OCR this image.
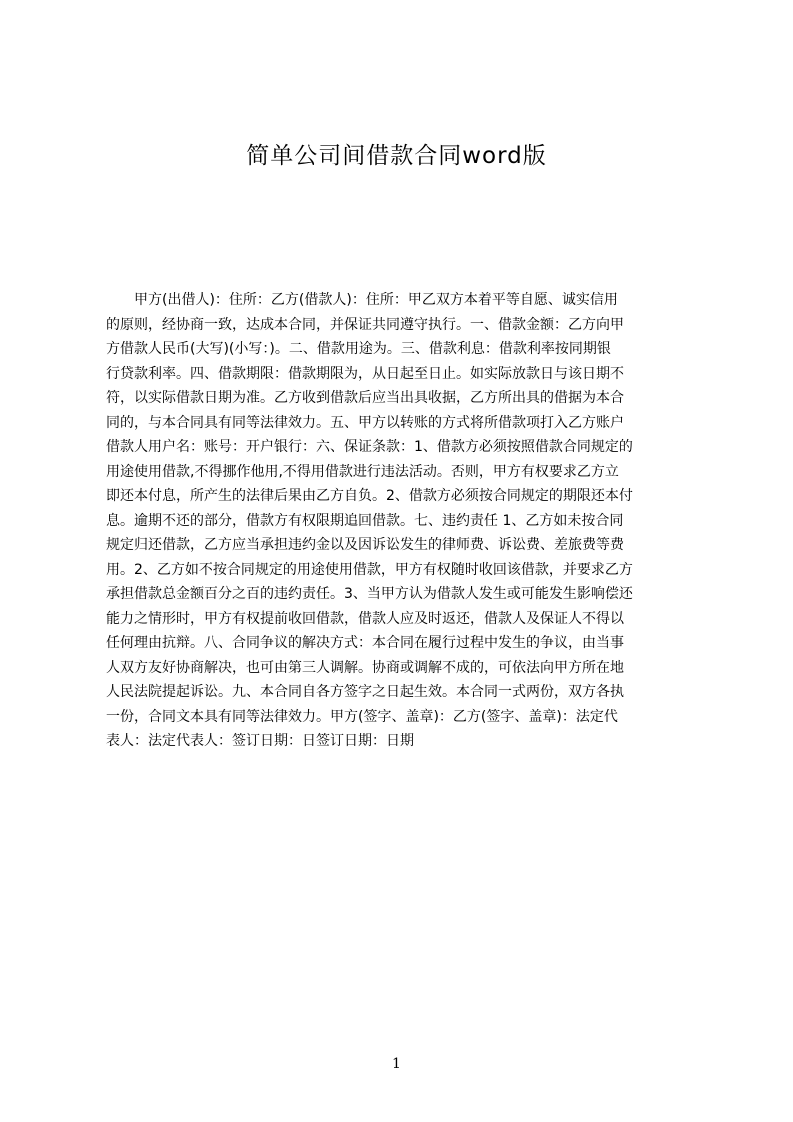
简单公司间借款合同word版
　　甲方(出借人)：住所：乙方(借款人)：住所：甲乙双方本着平等自愿、诚实信用
的原则，经协商一致，达成本合同，并保证共同遵守执行。一、借款金额：乙方向甲
方借款人民币(大写)(小写：)。二、借款用途为。三、借款利息：借款利率按同期银
行贷款利率。四、借款期限：借款期限为，从日起至日止。如实际放款日与该日期不
符，以实际借款日期为准。乙方收到借款后应当出具收据，乙方所出具的借据为本合
同的，与本合同具有同等法律效力。五、甲方以转账的方式将所借款项打入乙方账户
借款人用户名：账号：开户银行：六、保证条款：1、借款方必须按照借款合同规定的
用途使用借款,不得挪作他用,不得用借款进行违法活动。否则，甲方有权要求乙方立
即还本付息，所产生的法律后果由乙方自负。2、借款方必须按合同规定的期限还本付
息。逾期不还的部分，借款方有权限期追回借款。七、违约责任 1、乙方如未按合同
规定归还借款，乙方应当承担违约金以及因诉讼发生的律师费、诉讼费、差旅费等费
用。2、乙方如不按合同规定的用途使用借款，甲方有权随时收回该借款，并要求乙方
承担借款总金额百分之百的违约责任。3、当甲方认为借款人发生或可能发生影响偿还
能力之情形时，甲方有权提前收回借款，借款人应及时返还，借款人及保证人不得以
任何理由抗辩。八、合同争议的解决方式：本合同在履行过程中发生的争议，由当事
人双方友好协商解决，也可由第三人调解。协商或调解不成的，可依法向甲方所在地
人民法院提起诉讼。九、本合同自各方签字之日起生效。本合同一式两份，双方各执
一份，合同文本具有同等法律效力。甲方(签字、盖章)：乙方(签字、盖章)：法定代
表人：法定代表人：签订日期：日签订日期：日期
1
